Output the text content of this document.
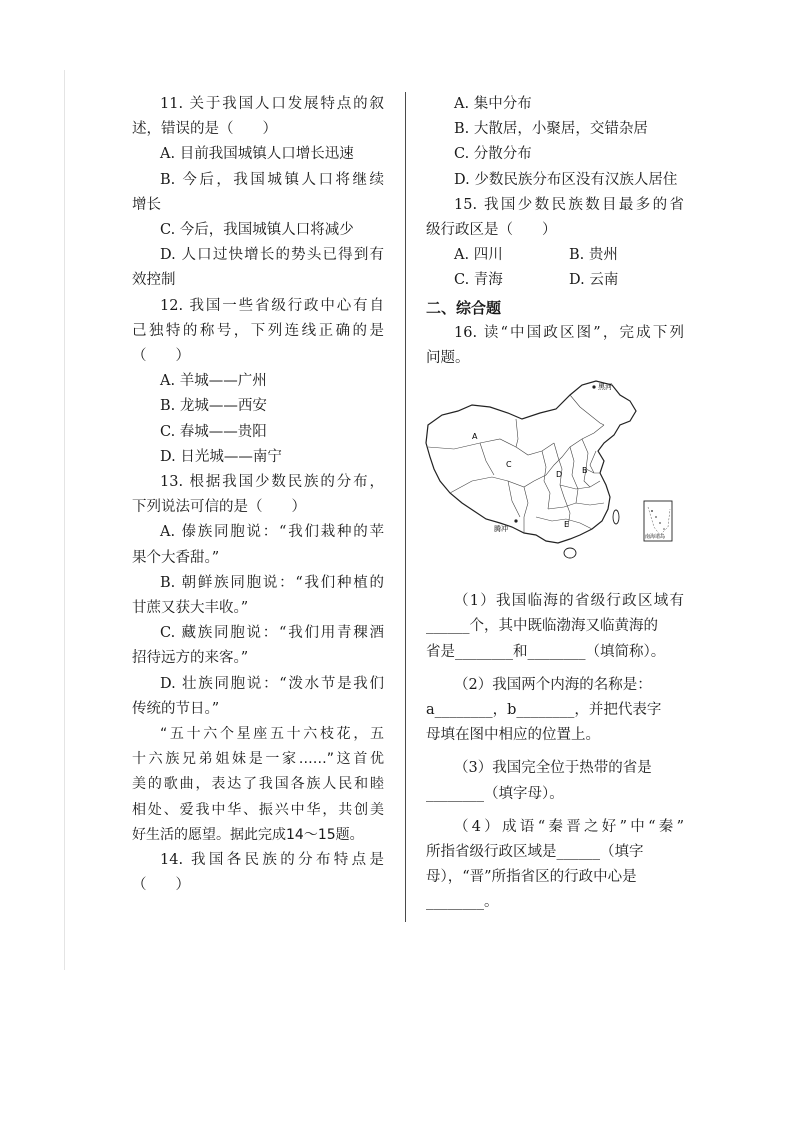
11. 关于我国人口发展特点的叙
述，错误的是（　　）
A. 目前我国城镇人口增长迅速
B. 今后，我国城镇人口将继续
增长
C. 今后，我国城镇人口将减少
D. 人口过快增长的势头已得到有
效控制
12. 我国一些省级行政中心有自
己独特的称号，下列连线正确的是
（　　）
A. 羊城——广州
B. 龙城——西安
C. 春城——贵阳
D. 日光城——南宁
13. 根据我国少数民族的分布，
下列说法可信的是（　　）
A. 傣族同胞说：“我们栽种的苹
果个大香甜。”
B. 朝鲜族同胞说：“我们种植的
甘蔗又获大丰收。”
C. 藏族同胞说：“我们用青稞酒
招待远方的来客。”
D. 壮族同胞说：“泼水节是我们
传统的节日。”
“五十六个星座五十六枝花，五
十六族兄弟姐妹是一家……”这首优
美的歌曲，表达了我国各族人民和睦
相处、爱我中华、振兴中华，共创美
好生活的愿望。据此完成14～15题。
14. 我国各民族的分布特点是
（　　）
A. 集中分布
B. 大散居，小聚居，交错杂居
C. 分散分布
D. 少数民族分布区没有汉族人居住
15. 我国少数民族数目最多的省
级行政区是（　　）
A. 四川	B. 贵州
C. 青海	D. 云南
二、综合题
16. 读“中国政区图”，完成下列
问题。
A
B
C
D
E
黑河
腾冲
南海诸岛
（1）我国临海的省级行政区域有
______个，其中既临渤海又临黄海的
省是________和________（填简称）。
（2）我国两个内海的名称是：
a________，b________，并把代表字
母填在图中相应的位置上。
（3）我国完全位于热带的省是
________（填字母）。
（4）成语“秦晋之好”中“秦”
所指省级行政区域是______（填字
母），“晋”所指省区的行政中心是
________。
